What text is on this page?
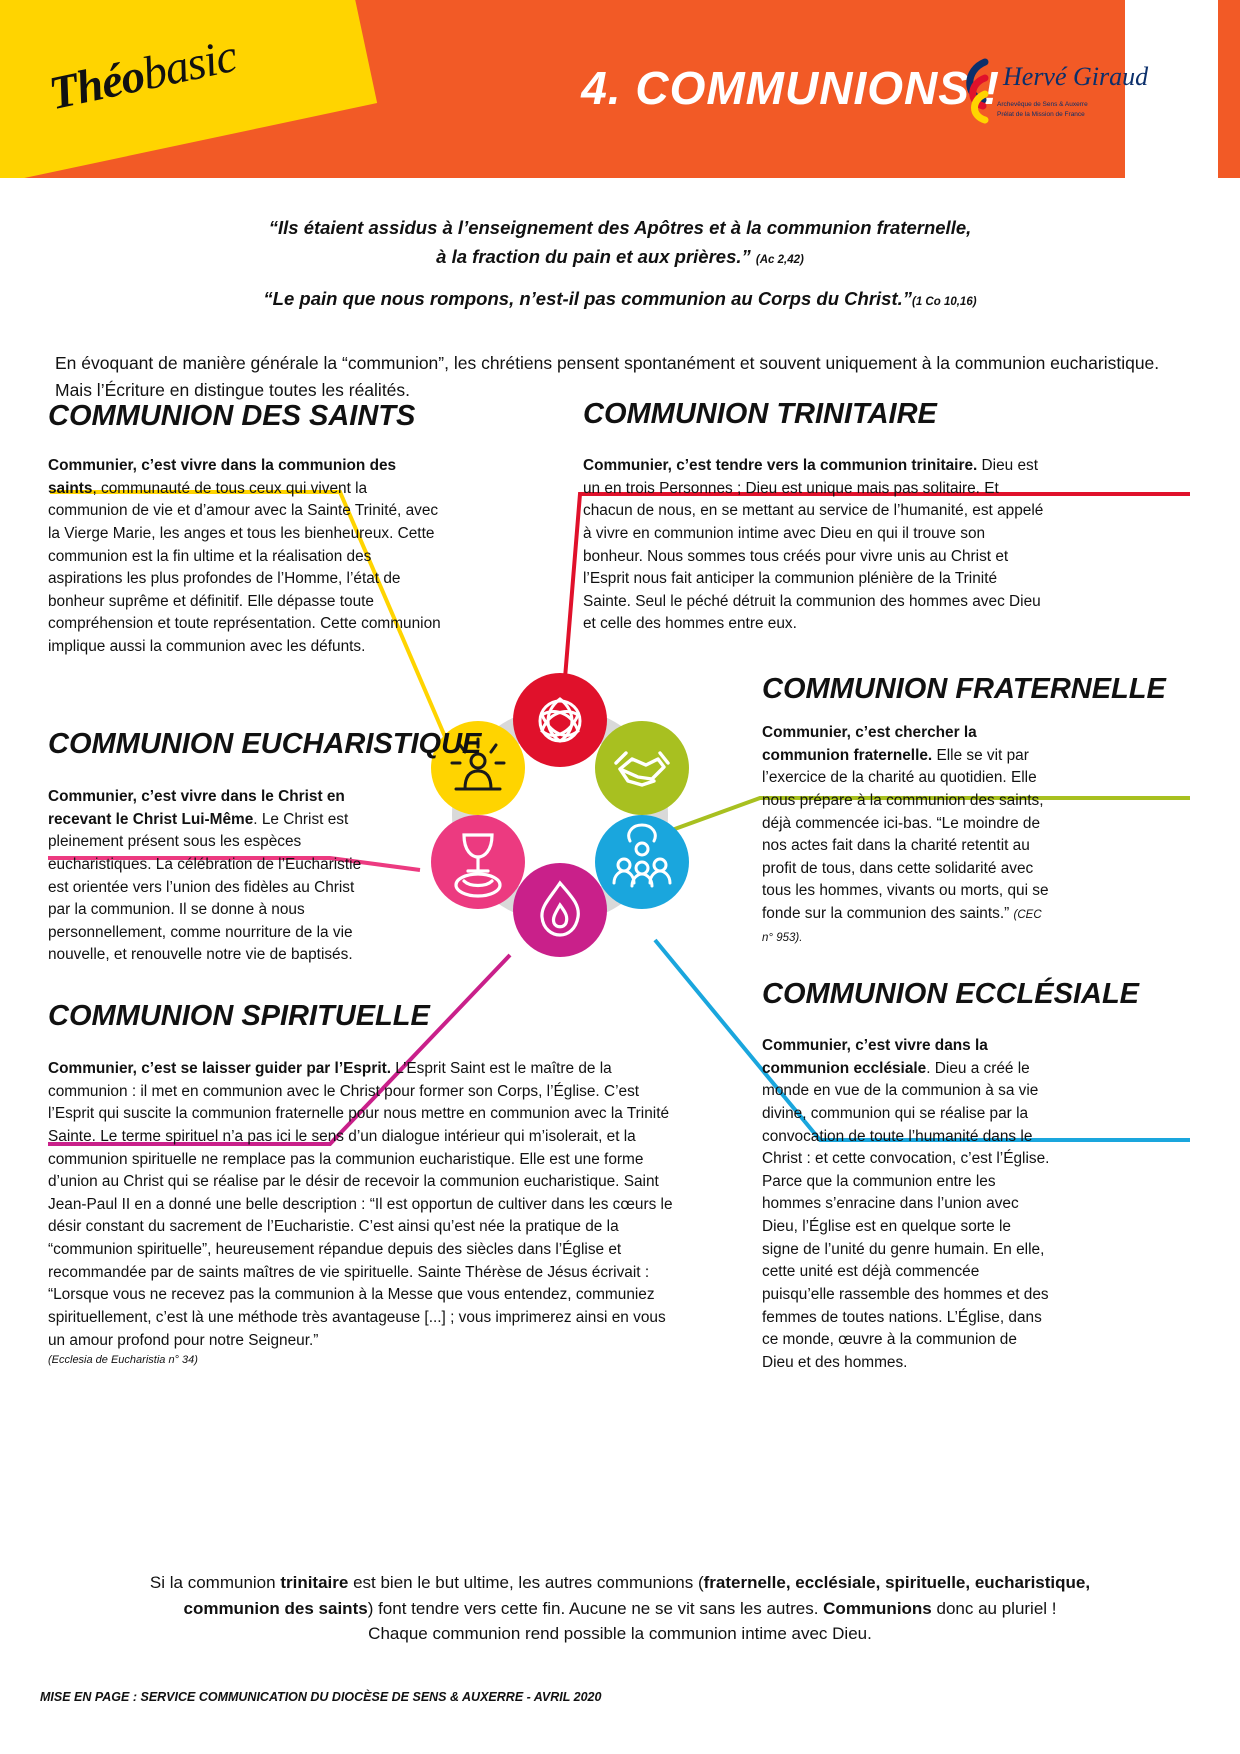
Théobasic	4. COMMUNIONS ! Hervé Giraud
Archevêque de Sens & Auxerre
Prélat de la Mission de France
“Ils étaient assidus à l’enseignement des Apôtres et à la communion fraternelle,
à la fraction du pain et aux prières.” (Ac 2,42)
“Le pain que nous rompons, n’est-il pas communion au Corps du Christ.”(1 Co 10,16)
En évoquant de manière générale la “communion”, les chrétiens pensent spontanément et souvent uniquement à la communion eucharistique. Mais l’Écriture en distingue toutes les réalités.
COMMUNION DES SAINTS
Communier, c’est vivre dans la communion des saints, communauté de tous ceux qui vivent la communion de vie et d’amour avec la Sainte Trinité, avec la Vierge Marie, les anges et tous les bienheureux. Cette communion est la fin ultime et la réalisation des aspirations les plus profondes de l’Homme, l’état de bonheur suprême et définitif. Elle dépasse toute compréhension et toute représentation. Cette communion implique aussi la communion avec les défunts.
COMMUNION EUCHARISTIQUE
Communier, c’est vivre dans le Christ en recevant le Christ Lui-Même. Le Christ est pleinement présent sous les espèces eucharistiques. La célébration de l’Eucharistie est orientée vers l’union des fidèles au Christ par la communion. Il se donne à nous personnellement, comme nourriture de la vie nouvelle, et renouvelle notre vie de baptisés.
COMMUNION SPIRITUELLE
Communier, c’est se laisser guider par l’Esprit. L’Esprit Saint est le maître de la communion : il met en communion avec le Christ pour former son Corps, l’Église. C’est l’Esprit qui suscite la communion fraternelle pour nous mettre en communion avec la Trinité Sainte. Le terme spirituel n’a pas ici le sens d’un dialogue intérieur qui m’isolerait, et la communion spirituelle ne remplace pas la communion eucharistique. Elle est une forme d’union au Christ qui se réalise par le désir de recevoir la communion eucharistique. Saint Jean-Paul II en a donné une belle description : “Il est opportun de cultiver dans les cœurs le désir constant du sacrement de l’Eucharistie. C’est ainsi qu’est née la pratique de la “communion spirituelle”, heureusement répandue depuis des siècles dans l’Église et recommandée par de saints maîtres de vie spirituelle. Sainte Thérèse de Jésus écrivait : “Lorsque vous ne recevez pas la communion à la Messe que vous entendez, communiez spirituellement, c’est là une méthode très avantageuse [...] ; vous imprimerez ainsi en vous un amour profond pour notre Seigneur.”
(Ecclesia de Eucharistia n° 34)
COMMUNION TRINITAIRE
Communier, c’est tendre vers la communion trinitaire. Dieu est un en trois Personnes ; Dieu est unique mais pas solitaire. Et chacun de nous, en se mettant au service de l’humanité, est appelé à vivre en communion intime avec Dieu en qui il trouve son bonheur. Nous sommes tous créés pour vivre unis au Christ et l’Esprit nous fait anticiper la communion plénière de la Trinité Sainte. Seul le péché détruit la communion des hommes avec Dieu et celle des hommes entre eux.
COMMUNION FRATERNELLE
Communier, c’est chercher la communion fraternelle. Elle se vit par l’exercice de la charité au quotidien. Elle nous prépare à la communion des saints, déjà commencée ici-bas. “Le moindre de nos actes fait dans la charité retentit au profit de tous, dans cette solidarité avec tous les hommes, vivants ou morts, qui se fonde sur la communion des saints.” (CEC n° 953).
COMMUNION ECCLÉSIALE
Communier, c’est vivre dans la communion ecclésiale. Dieu a créé le monde en vue de la communion à sa vie divine, communion qui se réalise par la convocation de toute l’humanité dans le Christ : et cette convocation, c’est l’Église. Parce que la communion entre les hommes s’enracine dans l’union avec Dieu, l’Église est en quelque sorte le signe de l’unité du genre humain. En elle, cette unité est déjà commencée puisqu’elle rassemble des hommes et des femmes de toutes nations. L’Église, dans ce monde, œuvre à la communion de Dieu et des hommes.
Si la communion trinitaire est bien le but ultime, les autres communions (fraternelle, ecclésiale, spirituelle, eucharistique,
communion des saints) font tendre vers cette fin. Aucune ne se vit sans les autres. Communions donc au pluriel !
Chaque communion rend possible la communion intime avec Dieu.
MISE EN PAGE : SERVICE COMMUNICATION DU DIOCÈSE DE SENS & AUXERRE - AVRIL 2020
